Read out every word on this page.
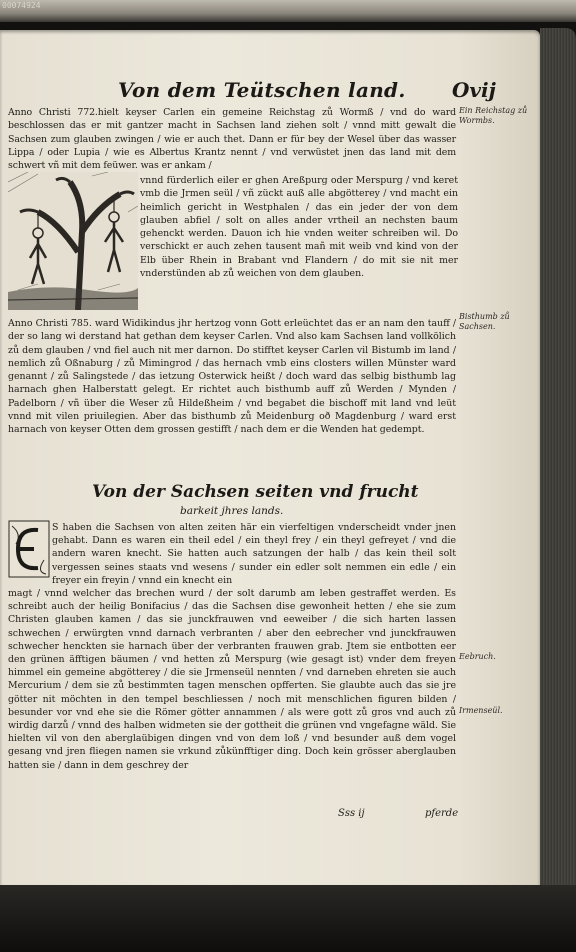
00074924
Von dem Teütschen land. Ovij

Anno Christi 772.hielt keyser Carlen ein gemeine Reichstag zů Wormß / vnd do ward beschlossen das er mit gantzer macht in Sachsen land ziehen solt / vnnd mitt gewalt die Sachsen zum glauben zwingen / wie er auch thet. Dann er für bey der Wesel über das wasser Lippa / oder Lupia / wie es Albertus Krantz nennt / vnd verwüstet jnen das land mit dem schwert vñ mit dem feüwer. was er ankam /

vnnd fürderlich eiler er ghen Areßpurg oder Merspurg / vnd keret vmb die Jrmen seül / vñ zückt auß alle abgötterey / vnd macht ein heimlich gericht in Westphalen / das ein jeder der von dem glauben abfiel / solt on alles ander vrtheil an nechsten baum gehenckt werden. Dauon ich hie vnden weiter schreiben wil. Do verschickt er auch zehen tausent mañ mit weib vnd kind von der Elb über Rhein in Brabant vnd Flandern / do mit sie nit mer vnderstünden ab zů weichen von dem glauben.
Anno Christi 785. ward Widikindus jhr hertzog vonn Gott erleüchtet das er an nam den tauff / der so lang wi derstand hat gethan dem keyser Carlen. Vnd also kam Sachsen land vollkölich zů dem glauben / vnd fiel auch nit mer darnon. Do stifftet keyser Carlen vil Bistumb im land / nemlich zů Oßnaburg / zů Mimingrod / das hernach vmb eins closters willen Münster ward genannt / zů Salingstede / das ietzung Osterwick heißt / doch ward das selbig bisthumb lag harnach ghen Halberstatt gelegt. Er richtet auch bisthumb auff zů Werden / Mynden / Padelborn / vñ über die Weser zů Hildeßheim / vnd begabet die bischoff mit land vnd leüt vnnd mit vilen priuilegien. Aber das bisthumb zů Meidenburg oð Magdenburg / ward erst harnach von keyser Otten dem grossen gestifft / nach dem er die Wenden hat gedempt.
Von der Sachsen seiten vnd frucht
barkeit jhres lands.
S haben die Sachsen von alten zeiten här ein vierfeltigen vnderscheidt vnder jnen gehabt. Dann es waren ein theil edel / ein theyl frey / ein theyl gefreyet / vnd die andern waren knecht. Sie hatten auch satzungen der halb / das kein theil solt vergessen seines staats vnd wesens / sunder ein edler solt nemmen ein edle / ein freyer ein freyin / vnnd ein knecht ein
magt / vnnd welcher das brechen wurd / der solt darumb am leben gestraffet werden. Es schreibt auch der heilig Bonifacius / das die Sachsen dise gewonheit hetten / ehe sie zum Christen glauben kamen / das sie junckfrauwen vnd eeweiber / die sich harten lassen schwechen / erwürgten vnnd darnach verbranten / aber den eebrecher vnd junckfrauwen schwecher henckten sie harnach über der verbranten frauwen grab. Jtem sie entbotten eer den grünen äfftigen bäumen / vnd hetten zů Merspurg (wie gesagt ist) vnder dem freyen himmel ein gemeine abgötterey / die sie Jrmenseül nennten / vnd darneben ehreten sie auch Mercurium / dem sie zů bestimmten tagen menschen opfferten. Sie glaubte auch das sie jre götter nit möchten in den tempel beschliessen / noch mit menschlichen figuren bilden / besunder vor vnd ehe sie die Römer götter annammen / als were gott zů gros vnd auch zů wirdig darzů / vnnd des halben widmeten sie der gottheit die grünen vnd vngefagne wäld. Sie hielten vil von den aberglaübigen dingen vnd von dem loß / vnd besunder auß dem vogel gesang vnd jren fliegen namen sie vrkund zůkünfftiger ding. Doch kein grösser aberglauben hatten sie / dann in dem geschrey der
Ein Reichstag zů Wormbs.
Bisthumb zů Sachsen.
Eebruch.
Irmenseül.
Sss ij	pferde
